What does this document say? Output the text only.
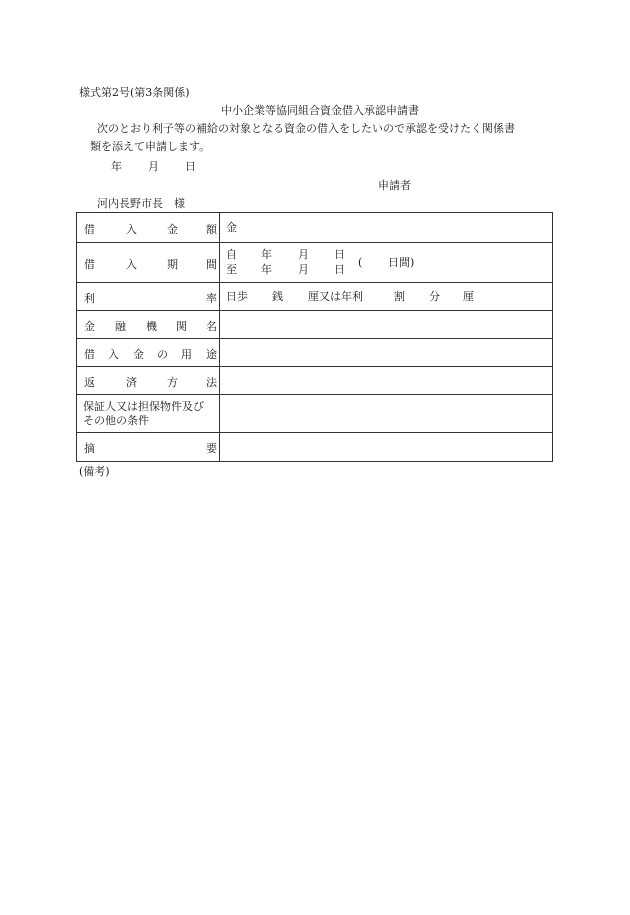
様式第2号(第3条関係)
中小企業等協同組合資金借入承認申請書
次のとおり利子等の補給の対象となる資金の借入をしたいので承認を受けたく関係書
類を添えて申請します。
年 月 日
申請者
河内長野市長　様
借	入	金	額 金
借	入	期	間
自 年 月 日
至 年 月 日
( 日間)
利	率 日歩 銭 厘又は年利	割 分 厘
金 融 機 関 名
借 入 金 の 用 途
返	済	方	法
保証人又は担保物件及び
その他の条件
摘	要
(備考)
